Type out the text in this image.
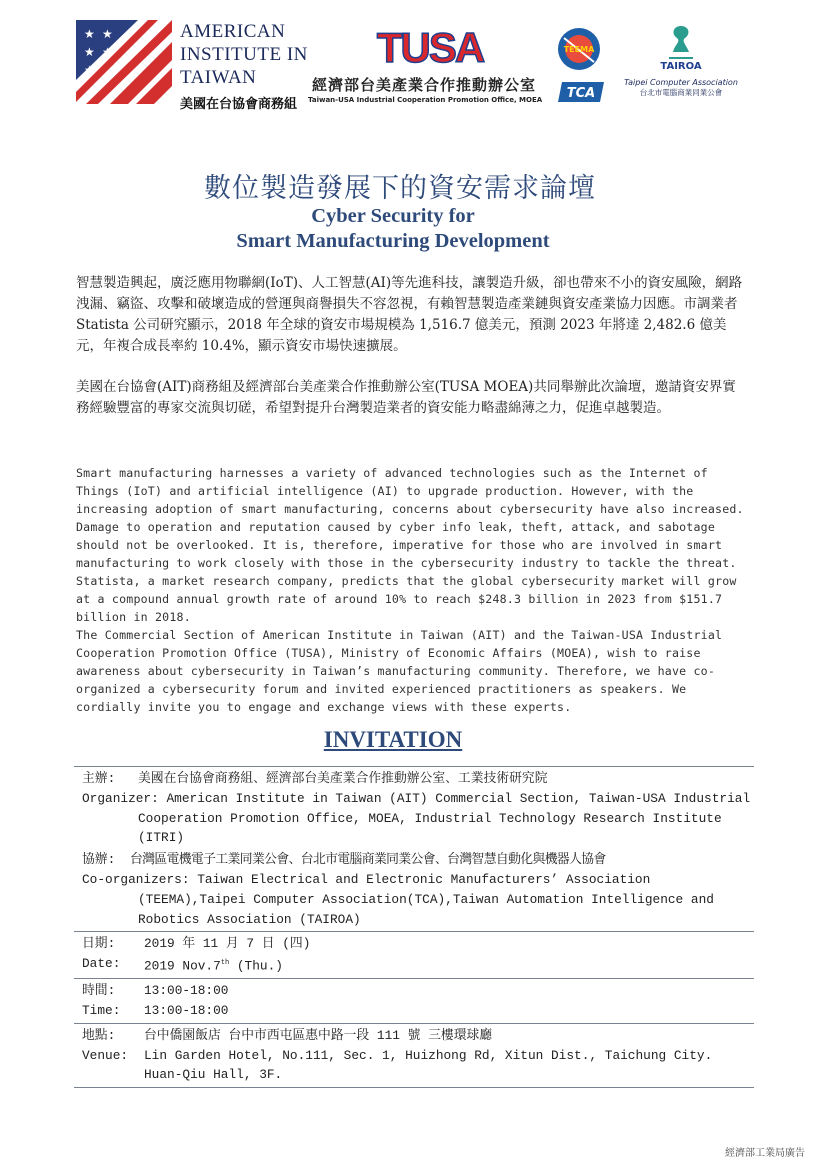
★ ★
★ ★
★
AMERICAN
INSTITUTE IN
TAIWAN
美國在台協會商務組
TUSA
經濟部台美產業合作推動辦公室
Taiwan-USA Industrial Cooperation Promotion Office, MOEA
TEEMA
TCA
TAIROA
Taipei Computer Association
台北市電腦商業同業公會
數位製造發展下的資安需求論壇
Cyber Security for
Smart Manufacturing Development

智慧製造興起，廣泛應用物聯網(IoT)、人工智慧(AI)等先進科技，讓製造升級，卻也帶來不小的資安風險，網路洩漏、竊盜、攻擊和破壞造成的營運與商譽損失不容忽視，有賴智慧製造產業鏈與資安產業協力因應。市調業者 Statista 公司研究顯示，2018 年全球的資安市場規模為 1,516.7 億美元，預測 2023 年將達 2,482.6 億美元，年複合成長率約 10.4%，顯示資安市場快速擴展。

美國在台協會(AIT)商務組及經濟部台美產業合作推動辦公室(TUSA MOEA)共同舉辦此次論壇，邀請資安界實務經驗豐富的專家交流與切磋，希望對提升台灣製造業者的資安能力略盡綿薄之力，促進卓越製造。

Smart manufacturing harnesses a variety of advanced technologies such as the Internet of Things (IoT) and artificial intelligence (AI) to upgrade production. However, with the increasing adoption of smart manufacturing, concerns about cybersecurity have also increased. Damage to operation and reputation caused by cyber info leak, theft, attack, and sabotage should not be overlooked. It is, therefore, imperative for those who are involved in smart manufacturing to work closely with those in the cybersecurity industry to tackle the threat. Statista, a market research company, predicts that the global cybersecurity market will grow at a compound annual growth rate of around 10% to reach $248.3 billion in 2023 from $151.7 billion in 2018.

The Commercial Section of American Institute in Taiwan (AIT) and the Taiwan-USA Industrial Cooperation Promotion Office (TUSA), Ministry of Economic Affairs (MOEA), wish to raise awareness about cybersecurity in Taiwan’s manufacturing community. Therefore, we have co-organized a cybersecurity forum and invited experienced practitioners as speakers. We cordially invite you to engage and exchange views with these experts.

INVITATION
主辦:	美國在台協會商務組、經濟部台美產業合作推動辦公室、工業技術研究院
Organizer: American Institute in Taiwan (AIT) Commercial Section, Taiwan-USA Industrial Cooperation Promotion Office, MOEA, Industrial Technology Research Institute (ITRI)
協辦:	台灣區電機電子工業同業公會、台北市電腦商業同業公會、台灣智慧自動化與機器人協會
Co-organizers: Taiwan Electrical and Electronic Manufacturers’ Association (TEEMA),Taipei Computer Association(TCA),Taiwan Automation Intelligence and Robotics Association (TAIROA)
日期:	2019 年 11 月 7 日 (四)
Date:	2019 Nov.7th (Thu.)
時間:	13:00-18:00
Time:	13:00-18:00
地點:	台中僑園飯店 台中市西屯區惠中路一段 111 號 三樓環球廳
Venue:	Lin Garden Hotel, No.111, Sec. 1, Huizhong Rd, Xitun Dist., Taichung City.
Huan-Qiu Hall, 3F.
經濟部工業局廣告
